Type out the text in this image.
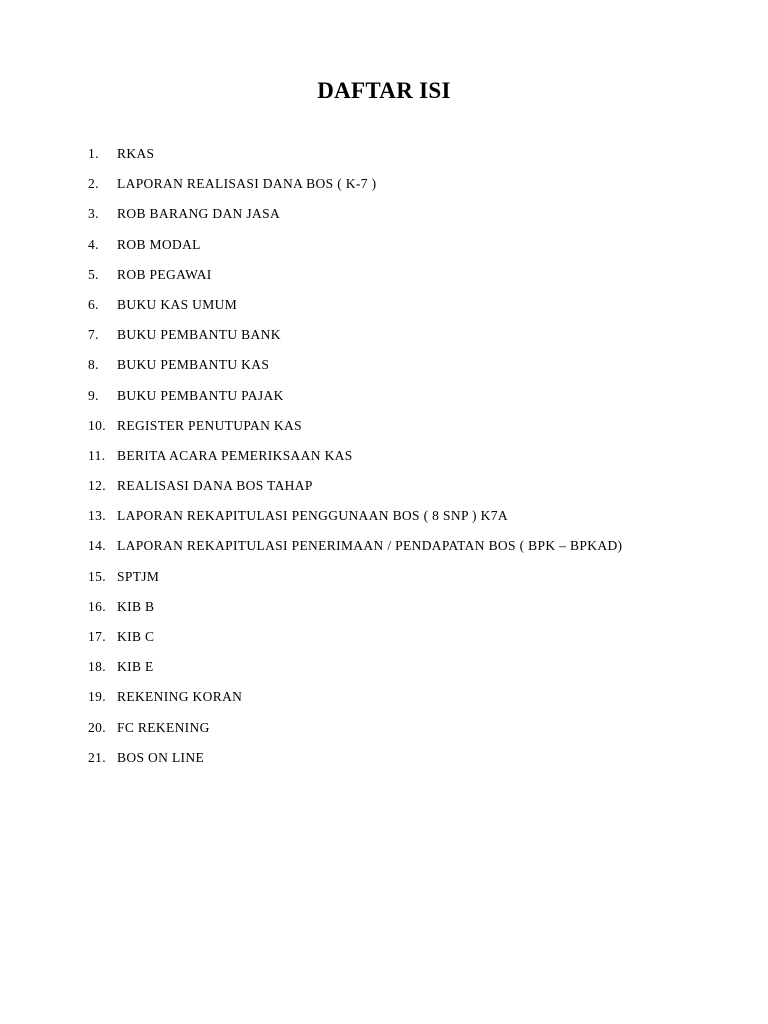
DAFTAR ISI
1. RKAS
2. LAPORAN REALISASI DANA BOS ( K-7 )
3. ROB BARANG DAN JASA
4. ROB MODAL
5. ROB PEGAWAI
6. BUKU KAS UMUM
7. BUKU PEMBANTU BANK
8. BUKU PEMBANTU KAS
9. BUKU PEMBANTU PAJAK
10. REGISTER PENUTUPAN KAS
11. BERITA ACARA PEMERIKSAAN KAS
12. REALISASI DANA BOS TAHAP
13. LAPORAN REKAPITULASI PENGGUNAAN BOS ( 8 SNP ) K7A
14. LAPORAN REKAPITULASI PENERIMAAN / PENDAPATAN BOS ( BPK – BPKAD)
15. SPTJM
16. KIB B
17. KIB C
18. KIB E
19. REKENING KORAN
20. FC REKENING
21. BOS ON LINE
